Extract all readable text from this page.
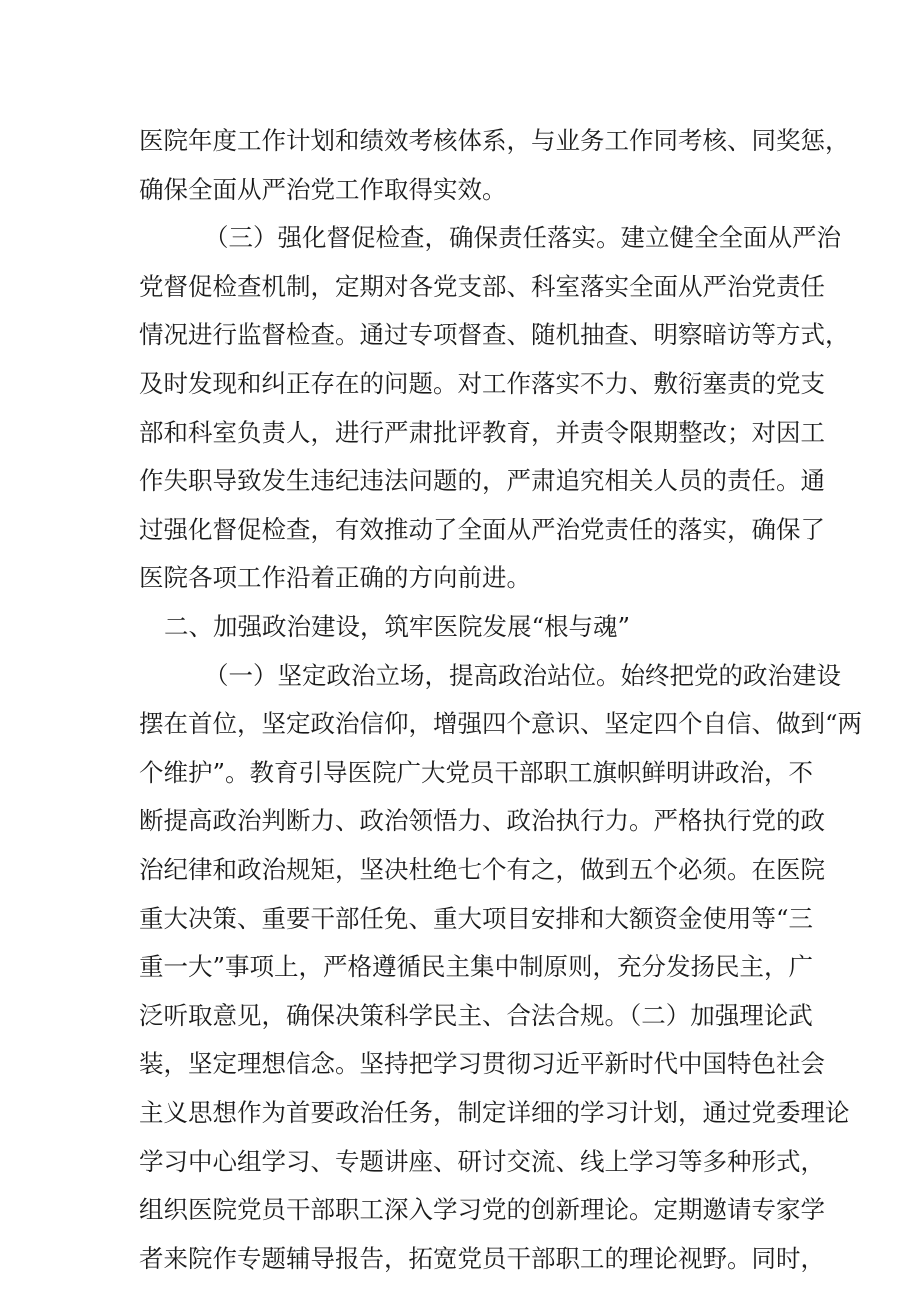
医院年度工作计划和绩效考核体系，与业务工作同考核、同奖惩，
确保全面从严治党工作取得实效。
（三）强化督促检查，确保责任落实。建立健全全面从严治
党督促检查机制，定期对各党支部、科室落实全面从严治党责任
情况进行监督检查。通过专项督查、随机抽查、明察暗访等方式，
及时发现和纠正存在的问题。对工作落实不力、敷衍塞责的党支
部和科室负责人，进行严肃批评教育，并责令限期整改；对因工
作失职导致发生违纪违法问题的，严肃追究相关人员的责任。通
过强化督促检查，有效推动了全面从严治党责任的落实，确保了
医院各项工作沿着正确的方向前进。
二、加强政治建设，筑牢医院发展“根与魂”
（一）坚定政治立场，提高政治站位。始终把党的政治建设
摆在首位，坚定政治信仰，增强四个意识、坚定四个自信、做到“两
个维护”。教育引导医院广大党员干部职工旗帜鲜明讲政治，不
断提高政治判断力、政治领悟力、政治执行力。严格执行党的政
治纪律和政治规矩，坚决杜绝七个有之，做到五个必须。在医院
重大决策、重要干部任免、重大项目安排和大额资金使用等“三
重一大”事项上，严格遵循民主集中制原则，充分发扬民主，广
泛听取意见，确保决策科学民主、合法合规。（二）加强理论武
装，坚定理想信念。坚持把学习贯彻习近平新时代中国特色社会
主义思想作为首要政治任务，制定详细的学习计划，通过党委理论
学习中心组学习、专题讲座、研讨交流、线上学习等多种形式，
组织医院党员干部职工深入学习党的创新理论。定期邀请专家学
者来院作专题辅导报告，拓宽党员干部职工的理论视野。同时，
